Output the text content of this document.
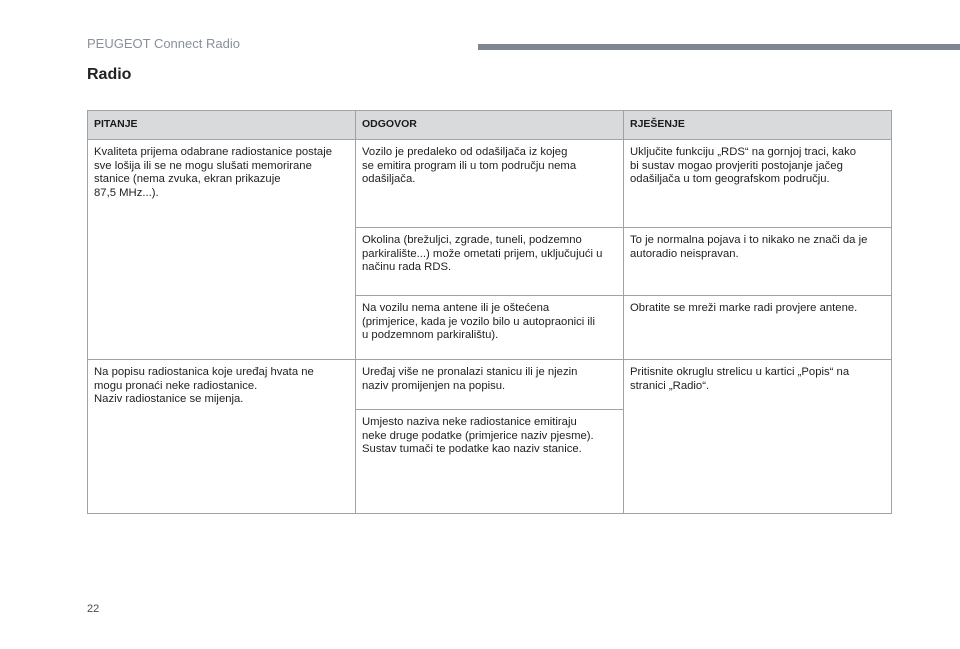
PEUGEOT Connect Radio
Radio
PITANJE	ODGOVOR	RJEŠENJE
Kvaliteta prijema odabrane radiostanice postaje
sve lošija ili se ne mogu slušati memorirane
stanice (nema zvuka, ekran prikazuje
87,5 MHz...).	Vozilo je predaleko od odašiljača iz kojeg
se emitira program ili u tom području nema
odašiljača.	Uključite funkciju „RDS“ na gornjoj traci, kako
bi sustav mogao provjeriti postojanje jačeg
odašiljača u tom geografskom području.
	Okolina (brežuljci, zgrade, tuneli, podzemno
parkiralište...) može ometati prijem, uključujući u
načinu rada RDS.	To je normalna pojava i to nikako ne znači da je
autoradio neispravan.
	Na vozilu nema antene ili je oštećena
(primjerice, kada je vozilo bilo u autopraonici ili
u podzemnom parkiralištu).	Obratite se mreži marke radi provjere antene.
Na popisu radiostanica koje uređaj hvata ne
mogu pronaći neke radiostanice.
Naziv radiostanice se mijenja.	Uređaj više ne pronalazi stanicu ili je njezin
naziv promijenjen na popisu.	Pritisnite okruglu strelicu u kartici „Popis“ na
stranici „Radio“.
	Umjesto naziva neke radiostanice emitiraju
neke druge podatke (primjerice naziv pjesme).
Sustav tumači te podatke kao naziv stanice.	
22
